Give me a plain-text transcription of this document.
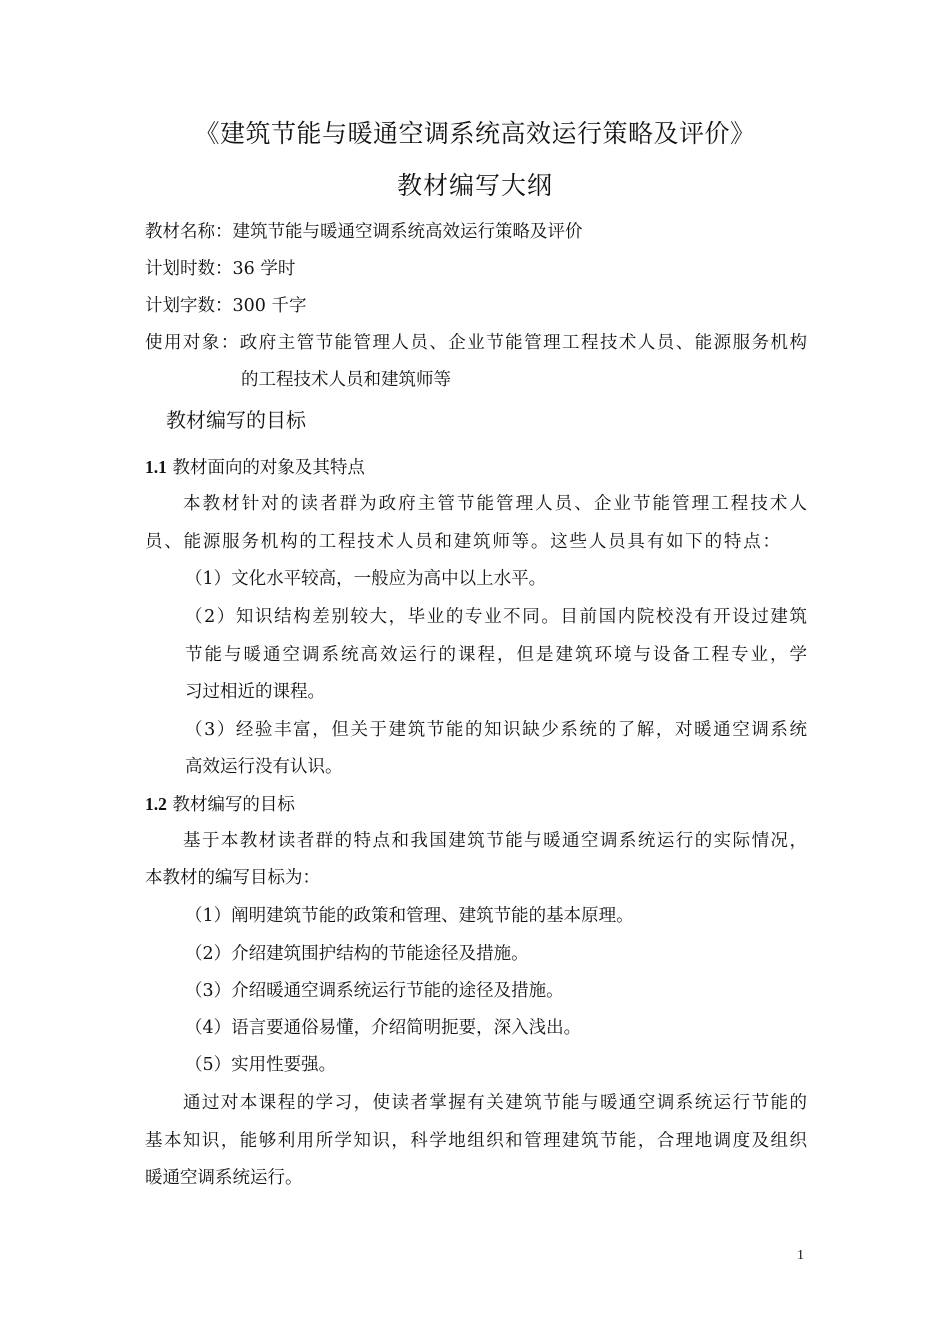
《建筑节能与暖通空调系统高效运行策略及评价》
教材编写大纲
教材名称：建筑节能与暖通空调系统高效运行策略及评价
计划时数：36 学时
计划字数：300 千字
使用对象：政府主管节能管理人员、企业节能管理工程技术人员、能源服务机构
的工程技术人员和建筑师等
教材编写的目标
1.1 教材面向的对象及其特点
本教材针对的读者群为政府主管节能管理人员、企业节能管理工程技术人
员、能源服务机构的工程技术人员和建筑师等。这些人员具有如下的特点：
（1）文化水平较高，一般应为高中以上水平。
（2）知识结构差别较大，毕业的专业不同。目前国内院校没有开设过建筑
节能与暖通空调系统高效运行的课程，但是建筑环境与设备工程专业，学
习过相近的课程。
（3）经验丰富，但关于建筑节能的知识缺少系统的了解，对暖通空调系统
高效运行没有认识。
1.2 教材编写的目标
基于本教材读者群的特点和我国建筑节能与暖通空调系统运行的实际情况，
本教材的编写目标为：
（1）阐明建筑节能的政策和管理、建筑节能的基本原理。
（2）介绍建筑围护结构的节能途径及措施。
（3）介绍暖通空调系统运行节能的途径及措施。
（4）语言要通俗易懂，介绍简明扼要，深入浅出。
（5）实用性要强。
通过对本课程的学习，使读者掌握有关建筑节能与暖通空调系统运行节能的
基本知识，能够利用所学知识，科学地组织和管理建筑节能，合理地调度及组织
暖通空调系统运行。
1
